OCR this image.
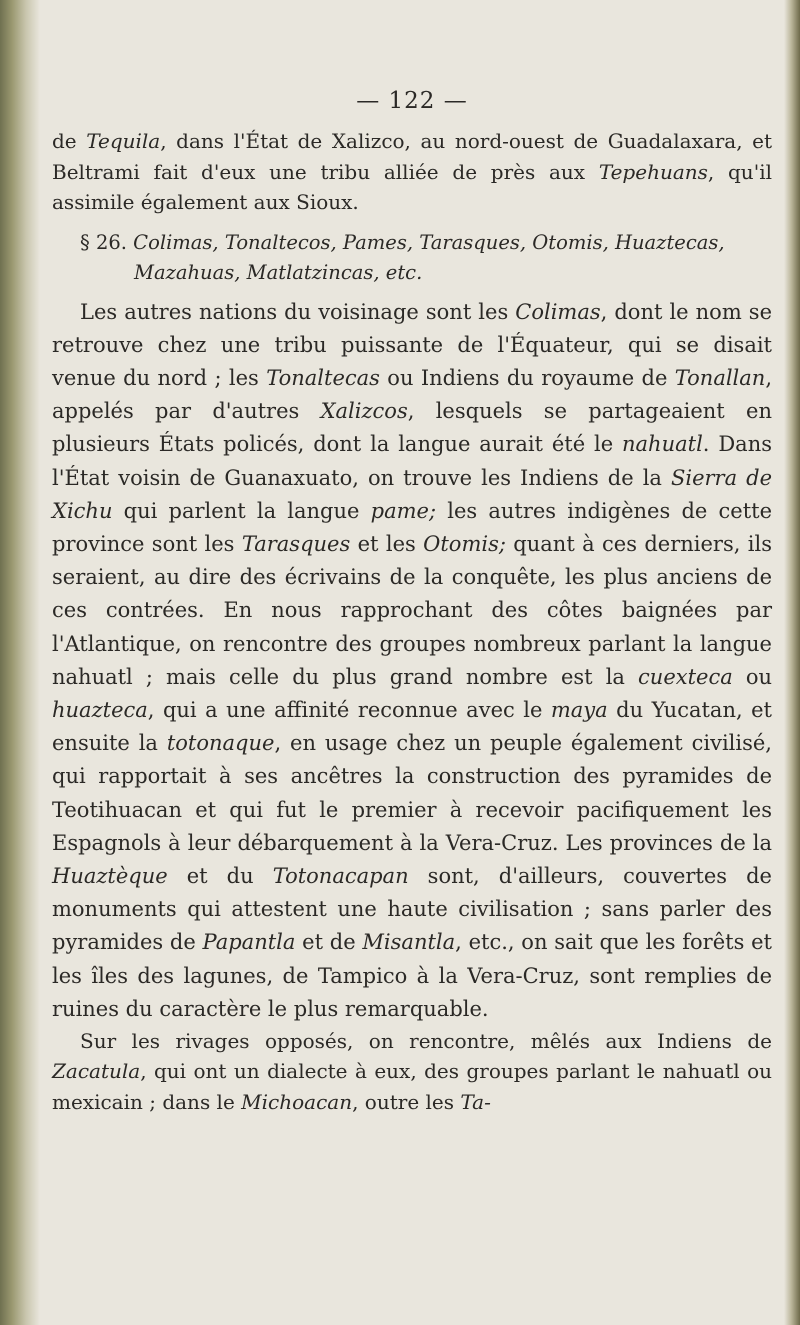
— 122 —

de Tequila, dans l'État de Xalizco, au nord-ouest de Guadalaxara, et Beltrami fait d'eux une tribu alliée de près aux Tepehuans, qu'il assimile également aux Sioux.

§ 26. Colimas, Tonaltecos, Pames, Tarasques, Otomis, Huaztecas,
Mazahuas, Matlatzincas, etc.

Les autres nations du voisinage sont les Colimas, dont le nom se retrouve chez une tribu puissante de l'Équateur, qui se disait venue du nord ; les Tonaltecas ou Indiens du royaume de Tonallan, appelés par d'autres Xalizcos, lesquels se partageaient en plusieurs États policés, dont la langue aurait été le nahuatl. Dans l'État voisin de Guanaxuato, on trouve les Indiens de la Sierra de Xichu qui parlent la langue pame; les autres indigènes de cette province sont les Tarasques et les Otomis; quant à ces derniers, ils seraient, au dire des écrivains de la conquête, les plus anciens de ces contrées. En nous rapprochant des côtes baignées par l'Atlantique, on rencontre des groupes nombreux parlant la langue nahuatl ; mais celle du plus grand nombre est la cuexteca ou huazteca, qui a une affinité reconnue avec le maya du Yucatan, et ensuite la totonaque, en usage chez un peuple également civilisé, qui rapportait à ses ancêtres la construction des pyramides de Teotihuacan et qui fut le premier à recevoir pacifiquement les Espagnols à leur débarquement à la Vera-Cruz. Les provinces de la Huaztèque et du Totonacapan sont, d'ailleurs, couvertes de monuments qui attestent une haute civilisation ; sans parler des pyramides de Papantla et de Misantla, etc., on sait que les forêts et les îles des lagunes, de Tampico à la Vera-Cruz, sont remplies de ruines du caractère le plus remarquable.

Sur les rivages opposés, on rencontre, mêlés aux Indiens de Zacatula, qui ont un dialecte à eux, des groupes parlant le nahuatl ou mexicain ; dans le Michoacan, outre les Ta-
